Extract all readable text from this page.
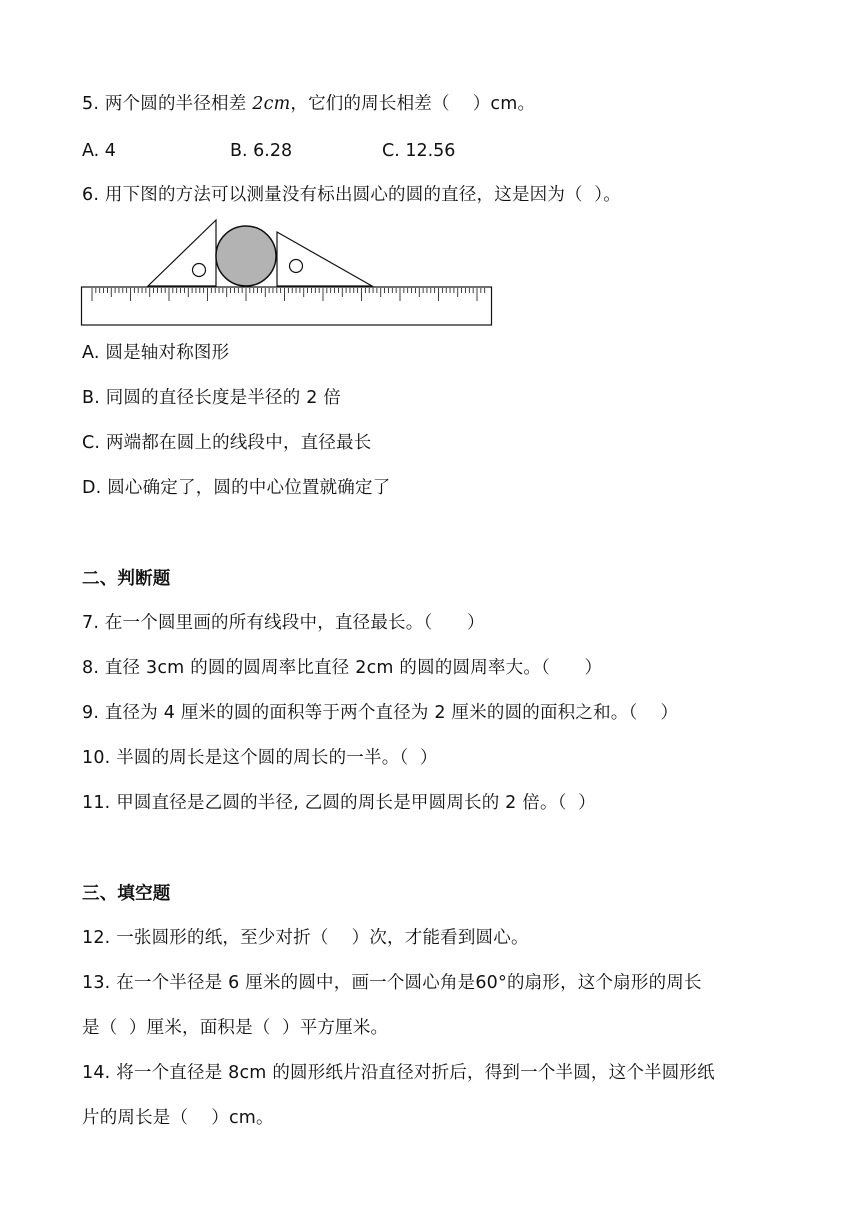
5. 两个圆的半径相差 2cm，它们的周长相差（    ）cm。
A. 4	B. 6.28	C. 12.56
6. 用下图的方法可以测量没有标出圆心的圆的直径，这是因为（  ）。
A. 圆是轴对称图形
B. 同圆的直径长度是半径的 2 倍
C. 两端都在圆上的线段中，直径最长
D. 圆心确定了，圆的中心位置就确定了
二、判断题
7. 在一个圆里画的所有线段中，直径最长。（      ）
8. 直径 3cm 的圆的圆周率比直径 2cm 的圆的圆周率大。（      ）
9. 直径为 4 厘米的圆的面积等于两个直径为 2 厘米的圆的面积之和。（    ）
10. 半圆的周长是这个圆的周长的一半。（  ）
11. 甲圆直径是乙圆的半径, 乙圆的周长是甲圆周长的 2 倍。（  ）
三、填空题
12. 一张圆形的纸，至少对折（    ）次，才能看到圆心。
13. 在一个半径是 6 厘米的圆中，画一个圆心角是60°的扇形，这个扇形的周长
是（  ）厘米，面积是（  ）平方厘米。
14. 将一个直径是 8cm 的圆形纸片沿直径对折后，得到一个半圆，这个半圆形纸
片的周长是（    ）cm。
